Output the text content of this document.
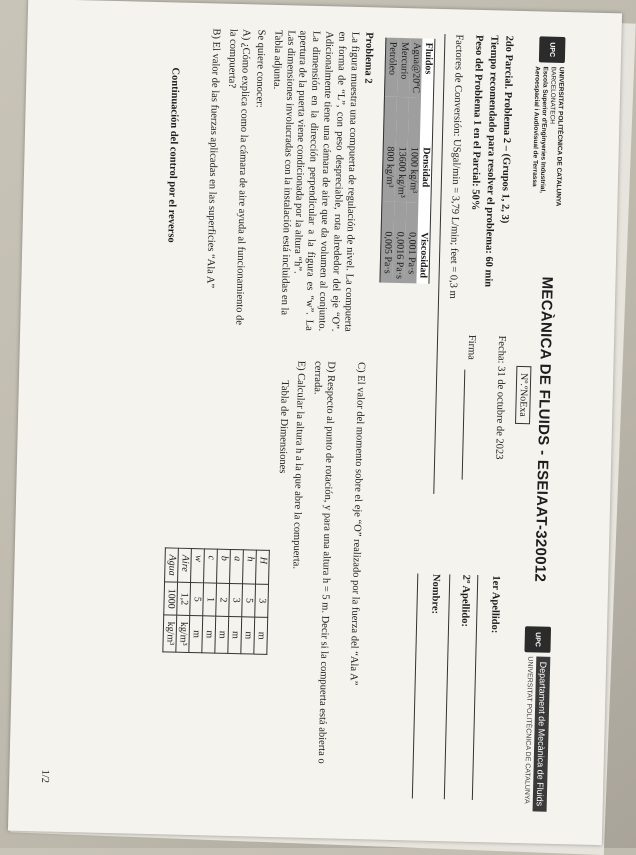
UPC
UNIVERSITAT POLITÈCNICA DE CATALUNYA
BARCELONATECH
Escola Superior d'Enginyeries Industrial,
Aeroespacial i Audiovisual de Terrassa
MECÀNICA DE FLUIDS - ESEIAAT-320012
Nº.ºNoExa
UPC
Departament de Mecànica de Fluids
UNIVERSITAT POLITÈCNICA DE CATALUNYA
2do Parcial. Problema 2 – (Grupos 1, 2, 3)
Tiempo recomendado para resolver el problema: 60 min
Peso del Problema 1 en el Parcial: 50%
Factores de Conversión: USgal/min = 3,79 L/min; feet = 0,3 m
Fecha: 31 de octubre de 2023
Firma
1er Apellido:
2º Apellido:
Nombre:
Fluidos	Densidad	Viscosidad
Agua@20ºC	1000 kg/m³	0,001 Pa·s
Mercurio	13600 kg/m³	0,0016 Pa·s
Petróleo	800 kg/m³	0,005 Pa·s
Problema 2
La figura muestra una compuerta de regulación de nivel. La compuerta en forma de “L”, con peso despreciable, rota alrededor del eje “O”. Adicionalmente tiene una cámara de aire que da volumen al conjunto. La dimensión en la dirección perpendicular a la figura es “w”. La apertura de la puerta viene condicionada por la altura “h”.
Las dimensiones involucradas con la instalación está incluidas en la Tabla adjunta.
Se quiere conocer:
A) ¿Cómo explica como la cámara de aire ayuda al funcionamiento de la compuerta?
B) El valor de las fuerzas aplicadas en las superficies “Ala A”
Continuación del control por el reverso
C) El valor del momento sobre el eje “O” realizado por la fuerza del “Ala A”
D) Respecto al punto de rotación, y para una altura h = 5 m. Decir si la compuerta está abierta o cerrada.
E) Calcular la altura h a la que abre la compuerta.
Tabla de Dimensiones
H	3	m
h	5	m
a	3	m
b	2	m
c	1	m
w	5	m
Aire	1,2	kg/m³
Agua	1000	kg/m³
1/2
